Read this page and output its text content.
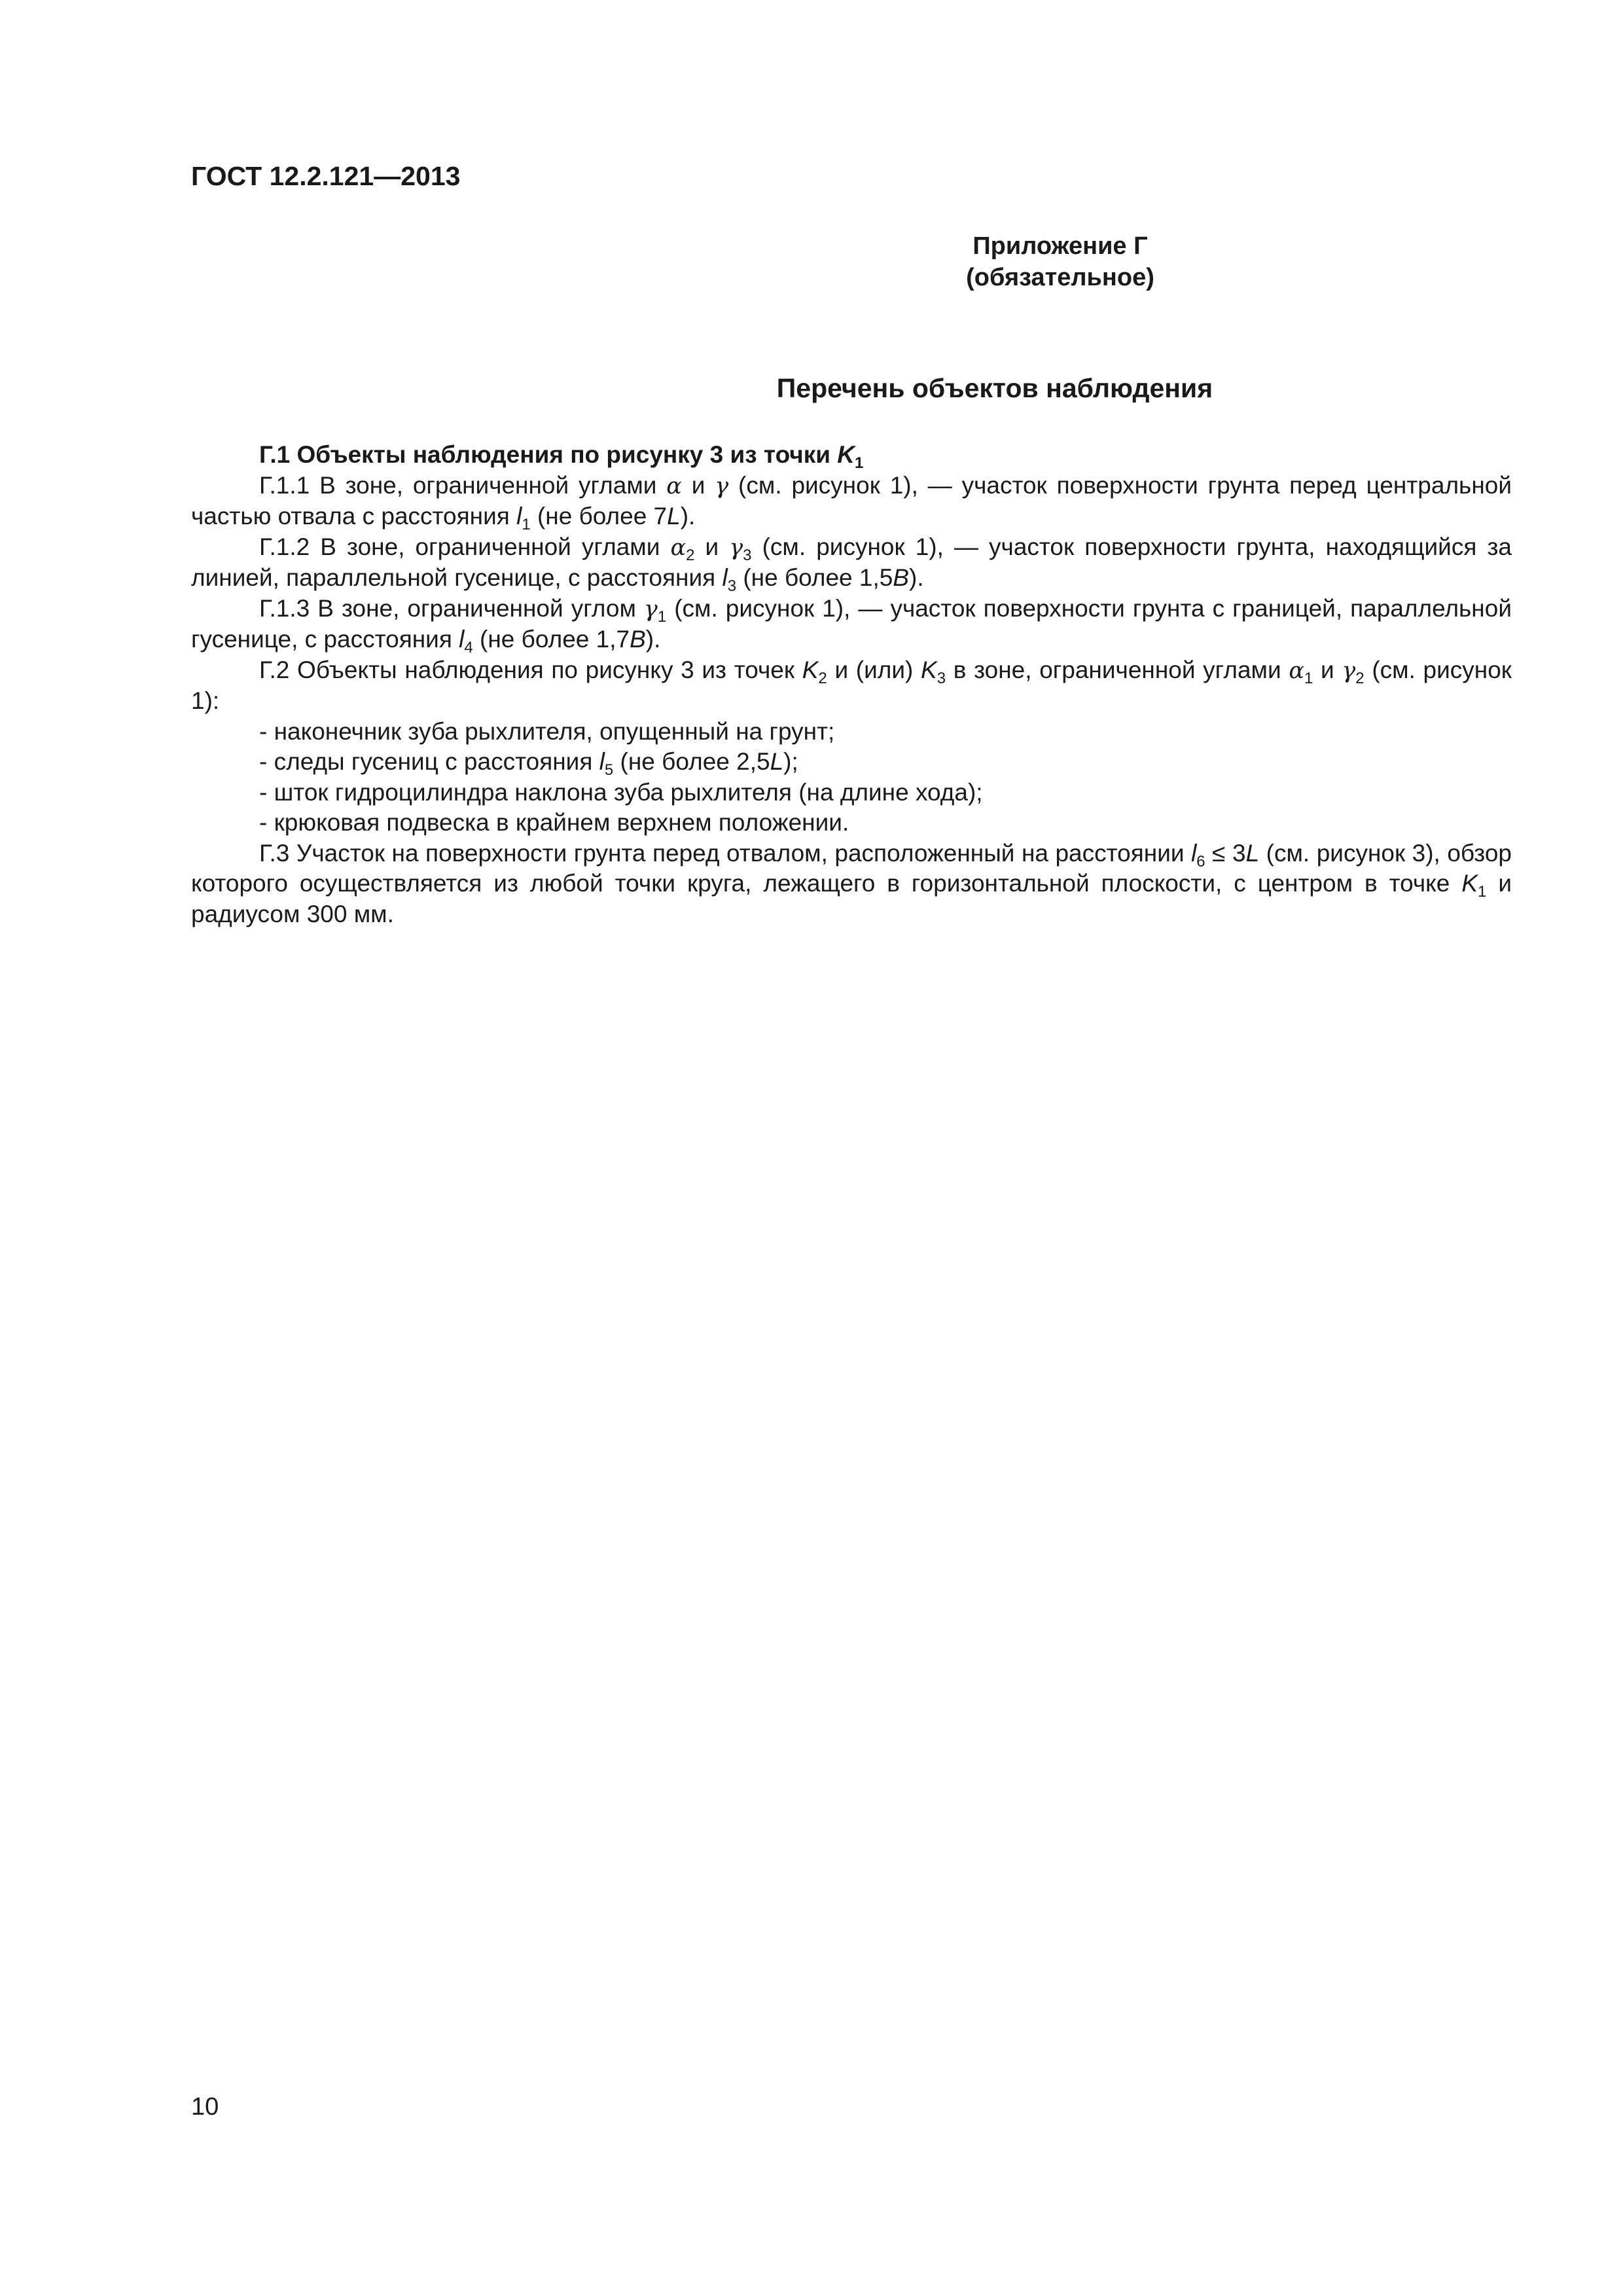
ГОСТ 12.2.121—2013
Приложение Г
(обязательное)
Перечень объектов наблюдения

Г.1 Объекты наблюдения по рисунку 3 из точки $K_1$

Г.1.1 В зоне, ограниченной углами α и γ (см. рисунок 1), — участок поверхности грунта перед центральной частью отвала с расстояния $l_1$ (не более 7L).

Г.1.2 В зоне, ограниченной углами $\alpha_2$ и $\gamma_3$ (см. рисунок 1), — участок поверхности грунта, находящийся за линией, параллельной гусенице, с расстояния $l_3$ (не более 1,5B).

Г.1.3 В зоне, ограниченной углом $\gamma_1$ (см. рисунок 1), — участок поверхности грунта с границей, параллельной гусенице, с расстояния $l_4$ (не более 1,7B).

Г.2 Объекты наблюдения по рисунку 3 из точек $K_2$ и (или) $K_3$ в зоне, ограниченной углами $\alpha_1$ и $\gamma_2$ (см. рисунок 1):

- наконечник зуба рыхлителя, опущенный на грунт;

- следы гусениц с расстояния $l_5$ (не более 2,5L);

- шток гидроцилиндра наклона зуба рыхлителя (на длине хода);

- крюковая подвеска в крайнем верхнем положении.

Г.3 Участок на поверхности грунта перед отвалом, расположенный на расстоянии $l_6 \le 3L$ (см. рисунок 3), обзор которого осуществляется из любой точки круга, лежащего в горизонтальной плоскости, с центром в точке $K_1$ и радиусом 300 мм.

10
